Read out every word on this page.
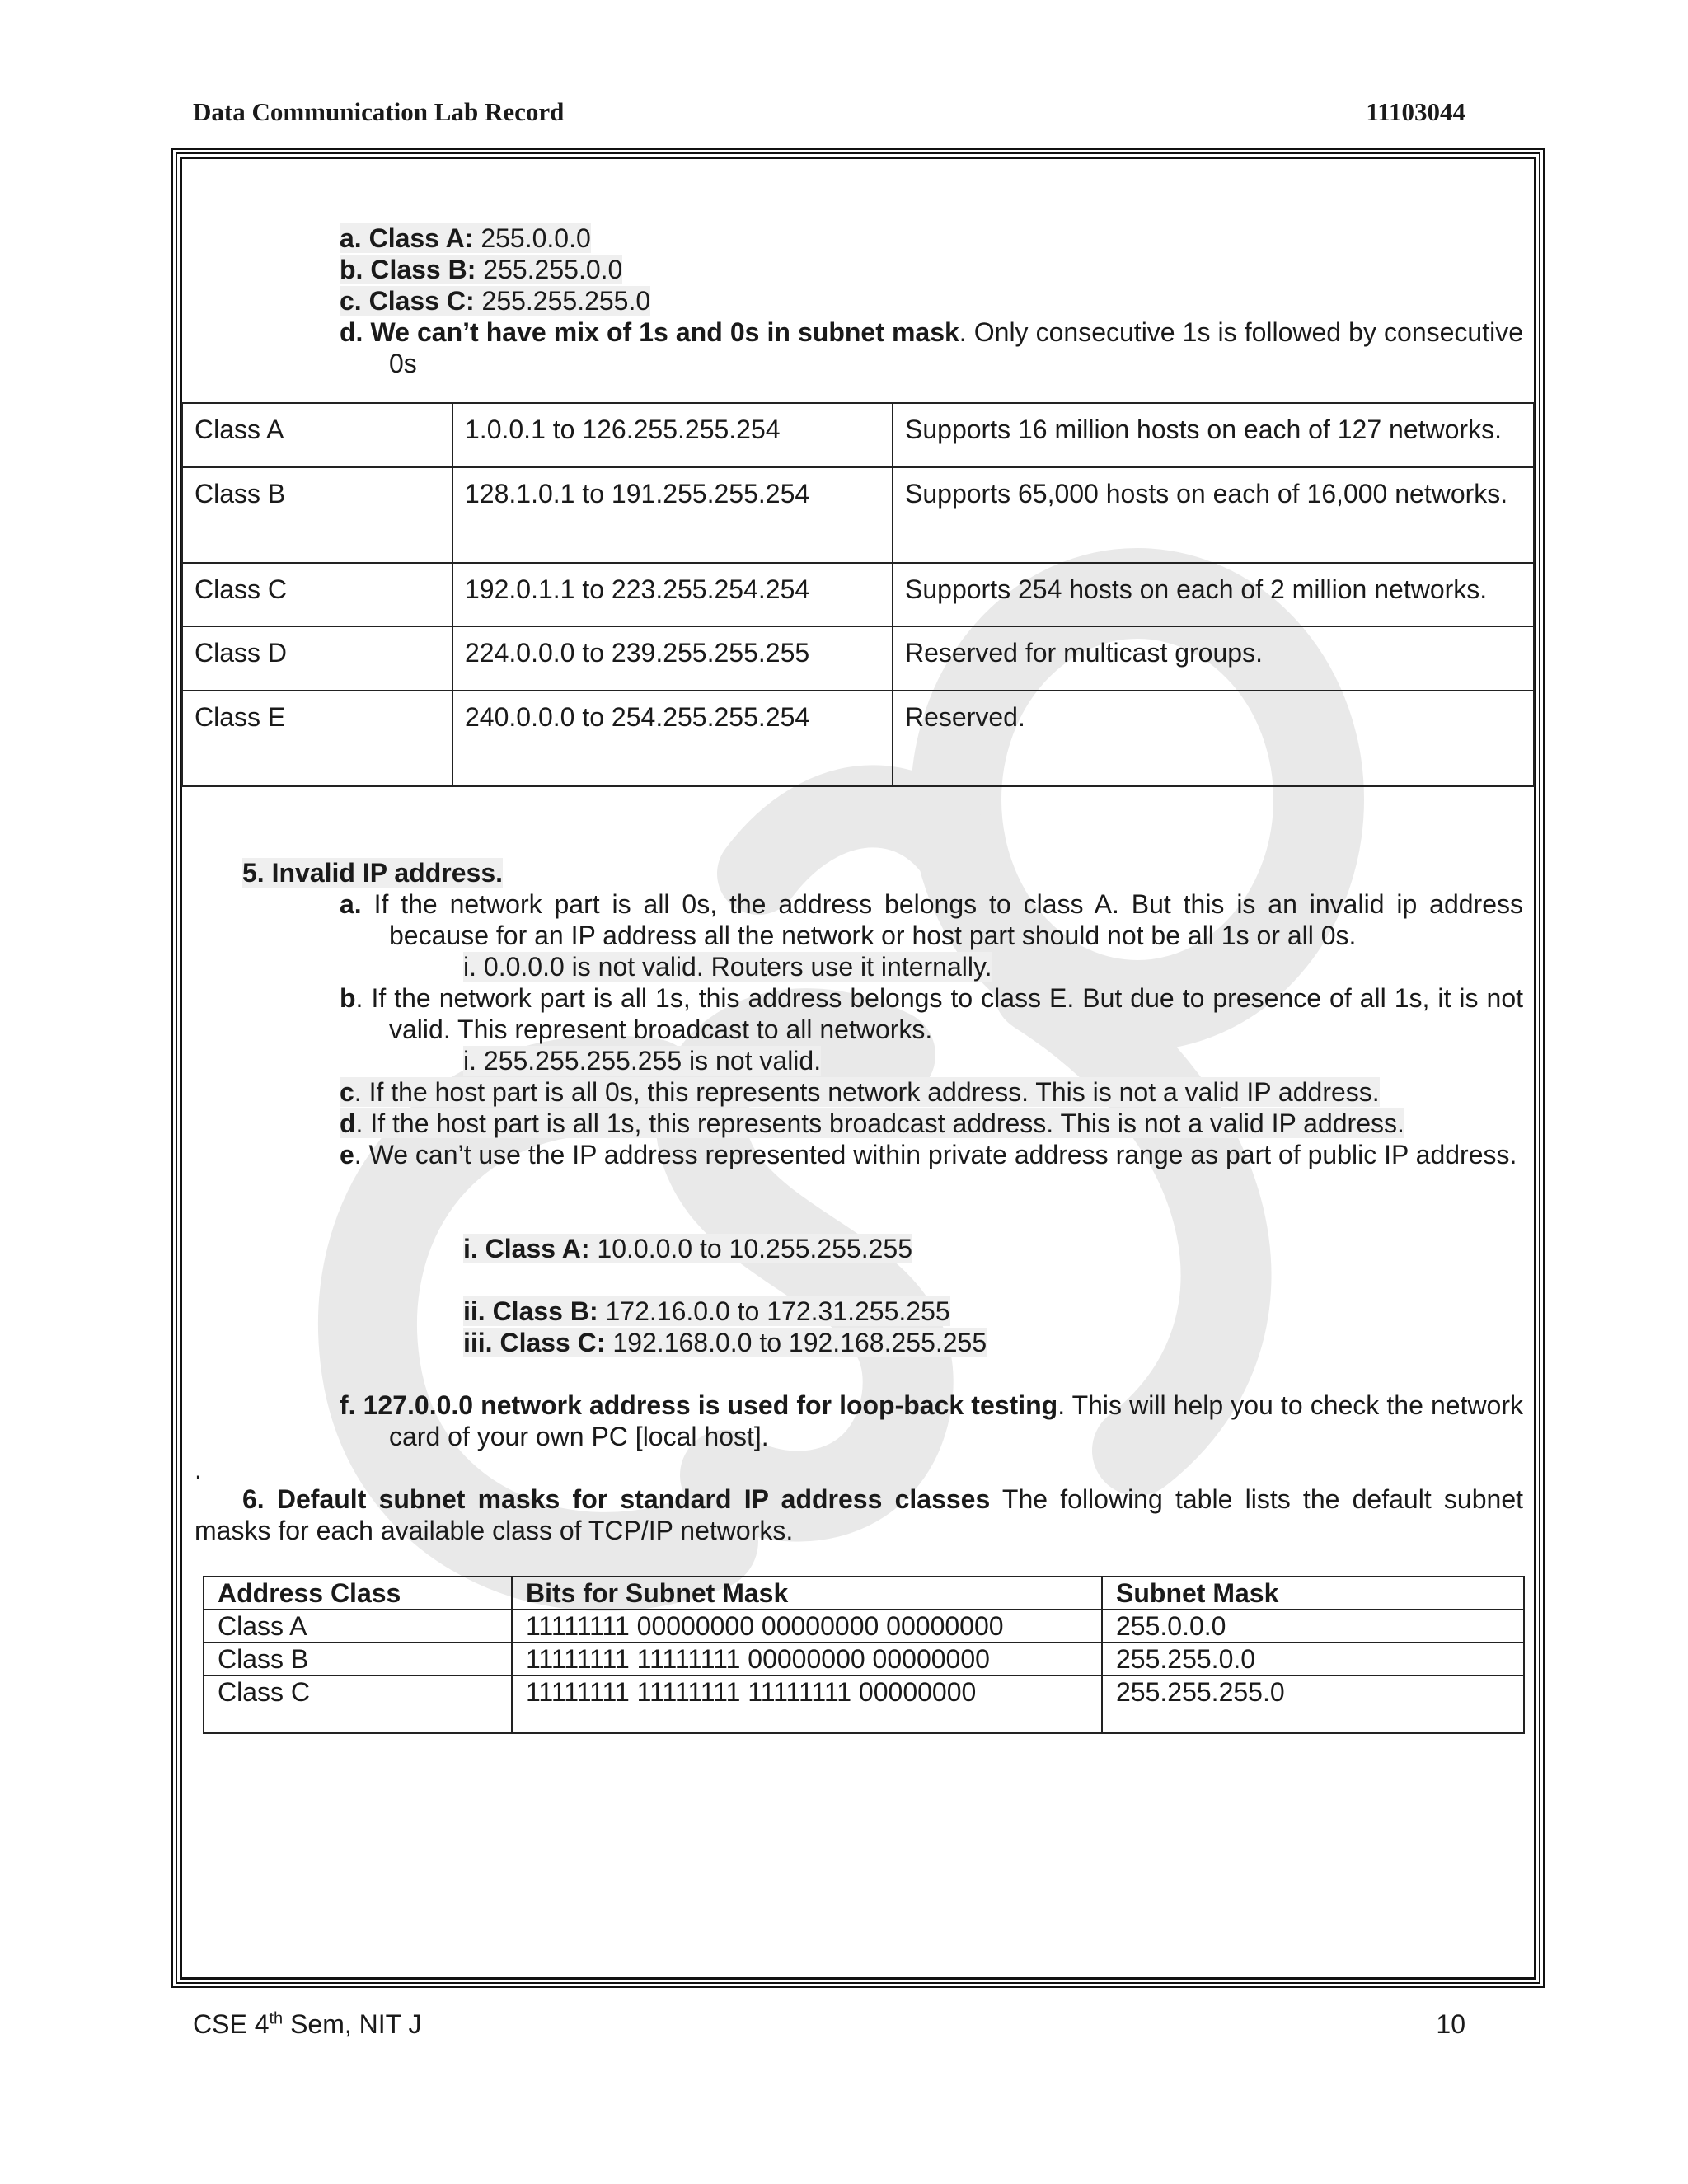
Data Communication Lab Record	11103044
a. Class A: 255.0.0.0
b. Class B: 255.255.0.0
c. Class C: 255.255.255.0
d. We can’t have mix of 1s and 0s in subnet mask. Only consecutive 1s is followed by consecutive 0s
Class A	1.0.0.1 to 126.255.255.254	Supports 16 million hosts on each of 127 networks.
Class B	128.1.0.1 to 191.255.255.254	Supports 65,000 hosts on each of 16,000 networks.
Class C	192.0.1.1 to 223.255.254.254	Supports 254 hosts on each of 2 million networks.
Class D	224.0.0.0 to 239.255.255.255	Reserved for multicast groups.
Class E	240.0.0.0 to 254.255.255.254	Reserved.
5. Invalid IP address.
a. If the network part is all 0s, the address belongs to class A. But this is an invalid ip address because for an IP address all the network or host part should not be all 1s or all 0s.
i. 0.0.0.0 is not valid. Routers use it internally.
b. If the network part is all 1s, this address belongs to class E. But due to presence of all 1s, it is not valid. This represent broadcast to all networks.
i. 255.255.255.255 is not valid.
c. If the host part is all 0s, this represents network address. This is not a valid IP address.
d. If the host part is all 1s, this represents broadcast address. This is not a valid IP address.
e. We can’t use the IP address represented within private address range as part of public IP address.
i. Class A: 10.0.0.0 to 10.255.255.255
ii. Class B: 172.16.0.0 to 172.31.255.255
iii. Class C: 192.168.0.0 to 192.168.255.255
f. 127.0.0.0 network address is used for loop-back testing. This will help you to check the network card of your own PC [local host].
.
6. Default subnet masks for standard IP address classes The following table lists the default subnet masks for each available class of TCP/IP networks.
Address Class	Bits for Subnet Mask	Subnet Mask
Class A	11111111 00000000 00000000 00000000	255.0.0.0
Class B	11111111 11111111 00000000 00000000	255.255.0.0
Class C	11111111 11111111 11111111 00000000	255.255.255.0
CSE 4th Sem, NIT J	10
